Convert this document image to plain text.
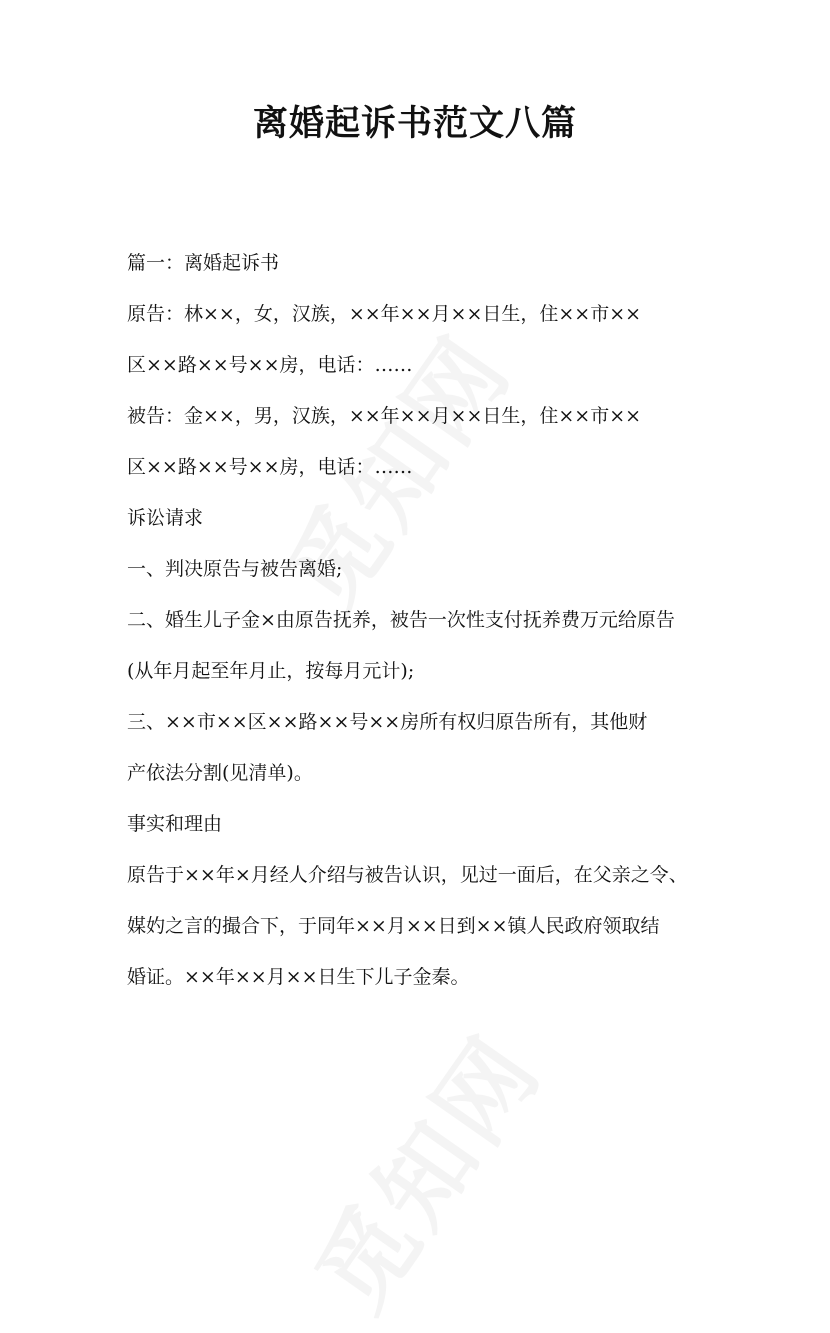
离婚起诉书范文八篇

篇一：离婚起诉书

原告：林××，女，汉族，××年××月××日生，住××市××

区××路××号××房，电话：……

被告：金××，男，汉族，××年××月××日生，住××市××

区××路××号××房，电话：……

诉讼请求

一、判决原告与被告离婚;

二、婚生儿子金×由原告抚养，被告一次性支付抚养费万元给原告

(从年月起至年月止，按每月元计);

三、××市××区××路××号××房所有权归原告所有，其他财

产依法分割(见清单)。

事实和理由

原告于××年×月经人介绍与被告认识，见过一面后，在父亲之令、

媒妁之言的撮合下，于同年××月××日到××镇人民政府领取结

婚证。××年××月××日生下儿子金秦。
